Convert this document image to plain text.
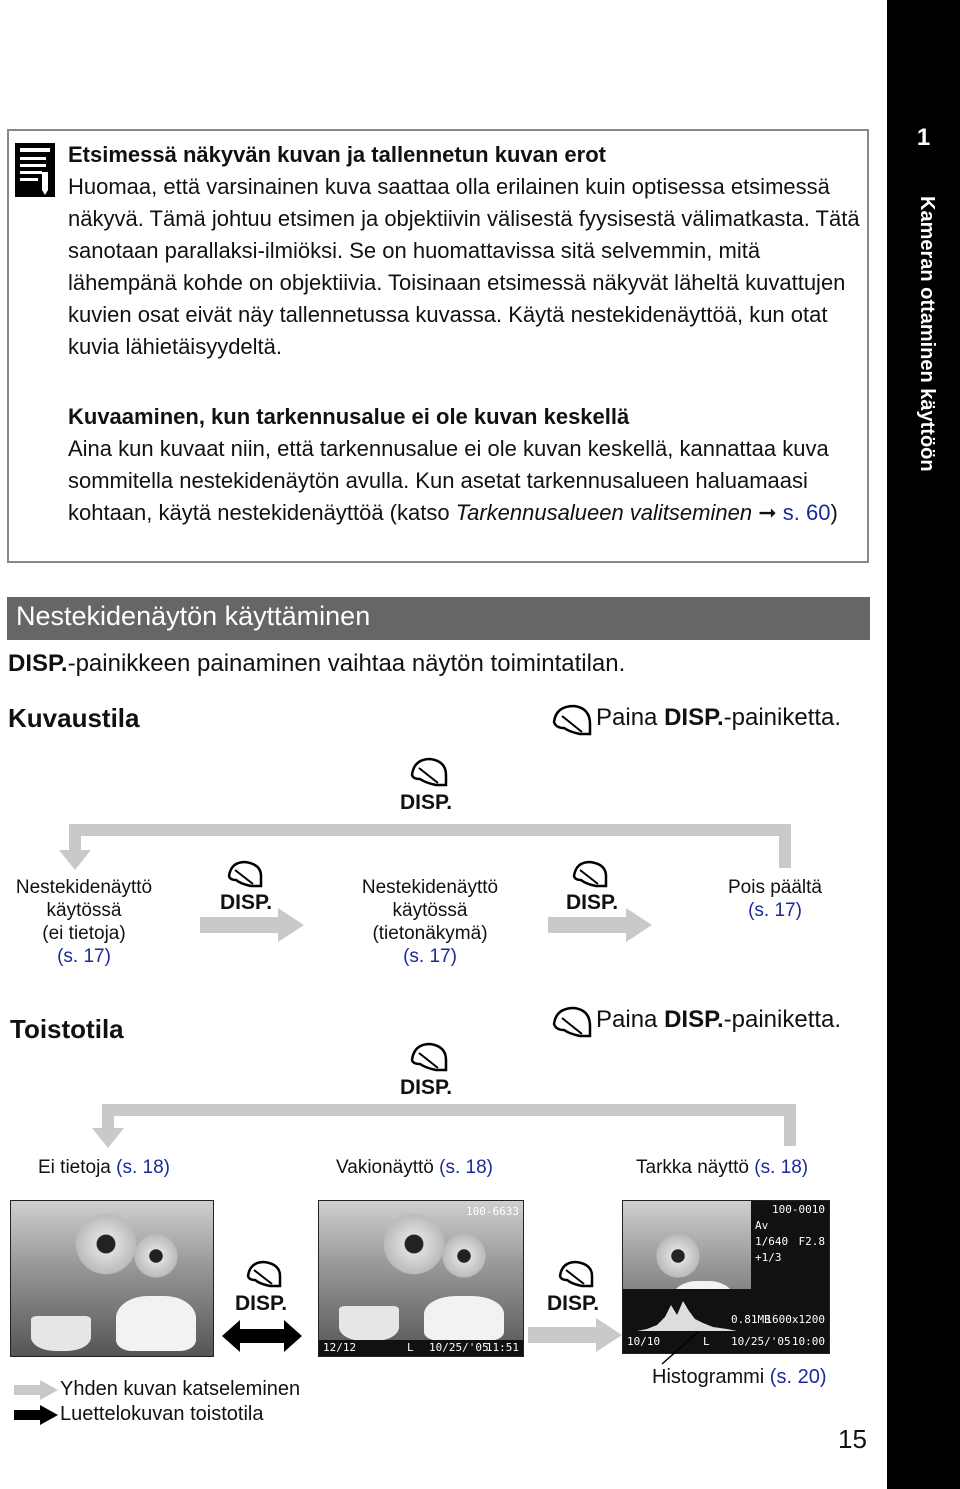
1
Kameran ottaminen käyttöön
Etsimessä näkyvän kuvan ja tallennetun kuvan erot
Huomaa, että varsinainen kuva saattaa olla erilainen kuin optisessa etsimessä näkyvä. Tämä johtuu etsimen ja objektiivin välisestä fyysisestä välimatkasta. Tätä sanotaan parallaksi-ilmiöksi. Se on huomattavissa sitä selvemmin, mitä lähempänä kohde on objektiivia. Toisinaan etsimessä näkyvät läheltä kuvattujen kuvien osat eivät näy tallennetussa kuvassa. Käytä nestekidenäyttöä, kun otat kuvia lähietäisyydeltä.
Kuvaaminen, kun tarkennusalue ei ole kuvan keskellä
Aina kun kuvaat niin, että tarkennusalue ei ole kuvan keskellä, kannattaa kuva sommitella nestekidenäytön avulla. Kun asetat tarkennusalueen haluamaasi kohtaan, käytä nestekidenäyttöä (katso Tarkennusalueen valitseminen ➞ s. 60)
Nestekidenäytön käyttäminen
DISP.-painikkeen painaminen vaihtaa näytön toimintatilan.
Kuvaustila	Paina DISP.-painiketta.
DISP.
Nestekidenäyttö
käytössä
(ei tietoja)
(s. 17)
Nestekidenäyttö
käytössä
(tietonäkymä)
(s. 17)
Pois päältä
(s. 17)
DISP.	DISP.
Toistotila	Paina DISP.-painiketta.
DISP.
Ei tietoja (s. 18)	Vakionäyttö (s. 18)	Tarkka näyttö (s. 18)
100-6633
12/12	L 10/25/'05
11:51
100-0010
Av
1/640 F2.8
+1/3
0.81MB
1600x1200
10/10	L 10/25/'05 10:00
DISP.	DISP.
Histogrammi (s. 20)
Yhden kuvan katseleminen
Luettelokuvan toistotila
15
